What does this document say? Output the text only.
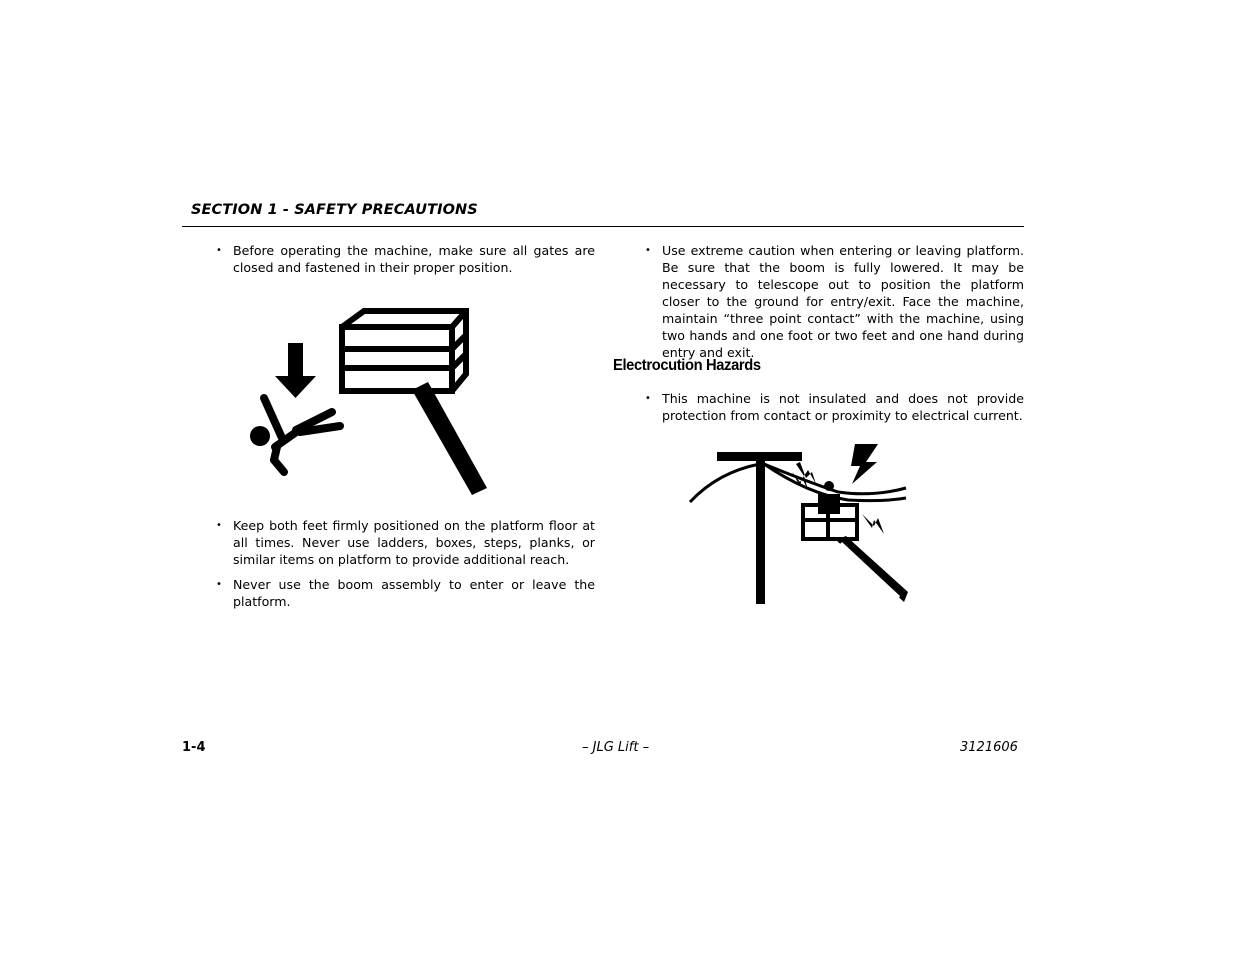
SECTION 1 - SAFETY PRECAUTIONS
• Before operating the machine, make sure all gates are closed and fastened in their proper position.
• Keep both feet firmly positioned on the platform floor at all times. Never use ladders, boxes, steps, planks, or similar items on platform to provide additional reach.
• Never use the boom assembly to enter or leave the platform.
• Use extreme caution when entering or leaving platform. Be sure that the boom is fully lowered. It may be necessary to telescope out to position the platform closer to the ground for entry/exit. Face the machine, maintain “three point contact” with the machine, using two hands and one foot or two feet and one hand during entry and exit.
Electrocution Hazards
• This machine is not insulated and does not provide protection from contact or proximity to electrical current.
1-4	– JLG Lift –	3121606
